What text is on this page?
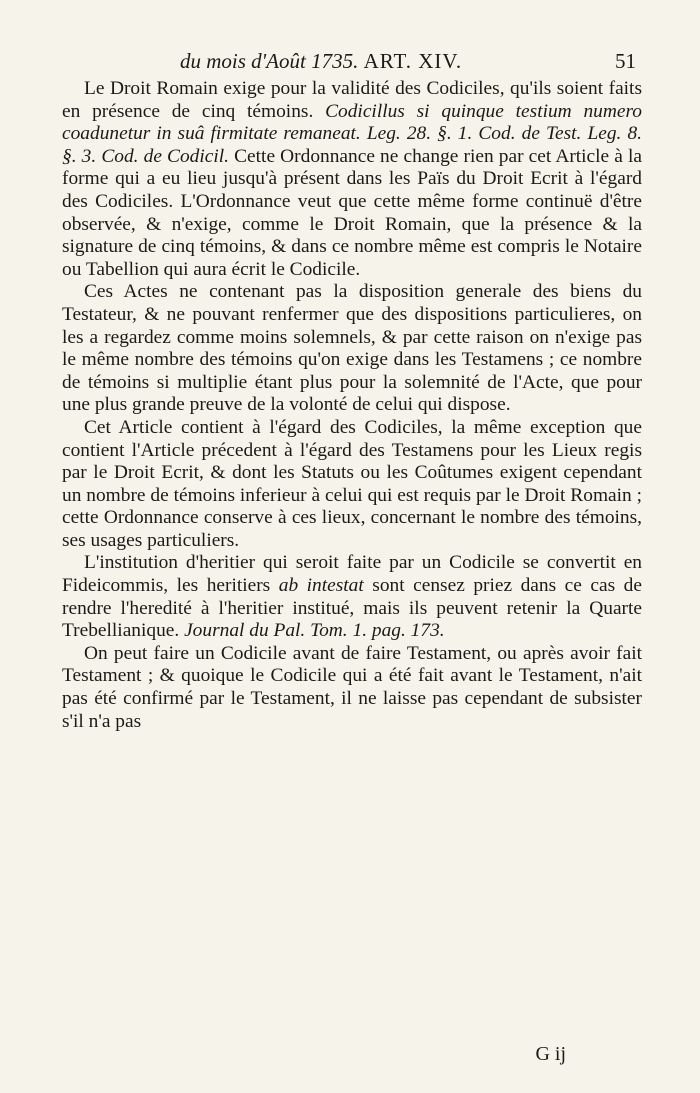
du mois d'Août 1735. ART. XIV.	51

Le Droit Romain exige pour la validité des Codiciles, qu'ils soient faits en présence de cinq témoins. Codicillus si quinque testium numero coadunetur in suâ firmitate remaneat. Leg. 28. §. 1. Cod. de Test. Leg. 8. §. 3. Cod. de Codicil. Cette Ordonnance ne change rien par cet Article à la forme qui a eu lieu jusqu'à présent dans les Païs du Droit Ecrit à l'égard des Codiciles. L'Ordonnance veut que cette même forme continuë d'être observée, & n'exige, comme le Droit Romain, que la présence & la signature de cinq témoins, & dans ce nombre même est compris le Notaire ou Tabellion qui aura écrit le Codicile.

Ces Actes ne contenant pas la disposition generale des biens du Testateur, & ne pouvant renfermer que des dispositions particulieres, on les a regardez comme moins solemnels, & par cette raison on n'exige pas le même nombre des témoins qu'on exige dans les Testamens ; ce nombre de témoins si multiplie étant plus pour la solemnité de l'Acte, que pour une plus grande preuve de la volonté de celui qui dispose.

Cet Article contient à l'égard des Codiciles, la même exception que contient l'Article précedent à l'égard des Testamens pour les Lieux regis par le Droit Ecrit, & dont les Statuts ou les Coûtumes exigent cependant un nombre de témoins inferieur à celui qui est requis par le Droit Romain ; cette Ordonnance conserve à ces lieux, concernant le nombre des témoins, ses usages particuliers.

L'institution d'heritier qui seroit faite par un Codicile se convertit en Fideicommis, les heritiers ab intestat sont censez priez dans ce cas de rendre l'heredité à l'heritier institué, mais ils peuvent retenir la Quarte Trebellianique. Journal du Pal. Tom. 1. pag. 173.

On peut faire un Codicile avant de faire Testament, ou après avoir fait Testament ; & quoique le Codicile qui a été fait avant le Testament, n'ait pas été confirmé par le Testament, il ne laisse pas cependant de subsister s'il n'a pas

G ij
